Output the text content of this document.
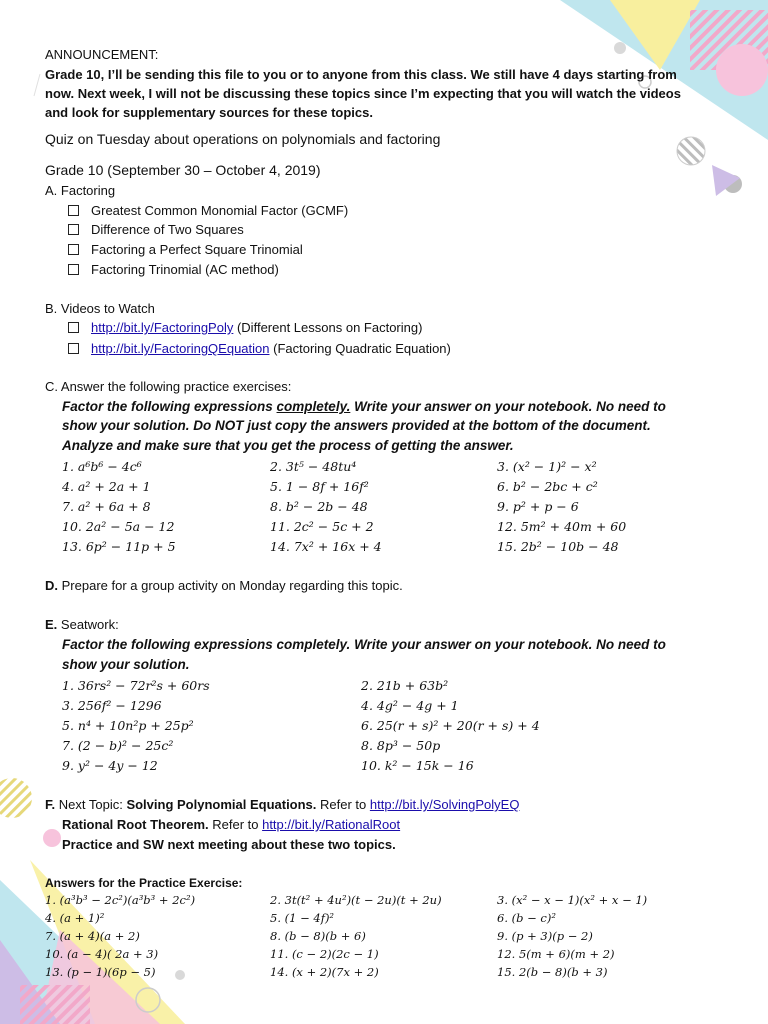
ANNOUNCEMENT:
Grade 10, I’ll be sending this file to you or to anyone from this class. We still have 4 days starting from
now. Next week, I will not be discussing these topics since I’m expecting that you will watch the videos
and look for supplementary sources for these topics.
Quiz on Tuesday about operations on polynomials and factoring
Grade 10 (September 30 – October 4, 2019)
A. Factoring
Greatest Common Monomial Factor (GCMF)
Difference of Two Squares
Factoring a Perfect Square Trinomial
Factoring Trinomial (AC method)
B. Videos to Watch
http://bit.ly/FactoringPoly (Different Lessons on Factoring)
http://bit.ly/FactoringQEquation (Factoring Quadratic Equation)
C. Answer the following practice exercises:
Factor the following expressions completely. Write your answer on your notebook. No need to
show your solution. Do NOT just copy the answers provided at the bottom of the document.
Analyze and make sure that you get the process of getting the answer.
1. a⁶b⁶ − 4c⁶	2. 3t⁵ − 48tu⁴	3. (x² − 1)² − x²
4. a² + 2a + 1	5. 1 − 8f + 16f²	6. b² − 2bc + c²
7. a² + 6a + 8	8. b² − 2b − 48	9. p² + p − 6
10. 2a² − 5a − 12	11. 2c² − 5c + 2	12. 5m² + 40m + 60
13. 6p² − 11p + 5	14. 7x² + 16x + 4	15. 2b² − 10b − 48
D. Prepare for a group activity on Monday regarding this topic.
E. Seatwork:
Factor the following expressions completely. Write your answer on your notebook. No need to
show your solution.
1. 36rs² − 72r²s + 60rs	2. 21b + 63b²
3. 256f² − 1296	4. 4g² − 4g + 1
5. n⁴ + 10n²p + 25p²	6. 25(r + s)² + 20(r + s) + 4
7. (2 − b)² − 25c²	8. 8p³ − 50p
9. y² − 4y − 12	10. k² − 15k − 16
F. Next Topic: Solving Polynomial Equations. Refer to http://bit.ly/SolvingPolyEQ
Rational Root Theorem. Refer to http://bit.ly/RationalRoot
Practice and SW next meeting about these two topics.
Answers for the Practice Exercise:
1. (a³b³ − 2c²)(a³b³ + 2c²)	2. 3t(t² + 4u²)(t − 2u)(t + 2u)	3. (x² − x − 1)(x² + x − 1)
4. (a + 1)²	5. (1 − 4f)²	6. (b − c)²
7. (a + 4)(a + 2)	8. (b − 8)(b + 6)	9. (p + 3)(p − 2)
10. (a − 4)( 2a + 3)	11. (c − 2)(2c − 1)	12. 5(m + 6)(m + 2)
13. (p − 1)(6p − 5)	14. (x + 2)(7x + 2)	15. 2(b − 8)(b + 3)
